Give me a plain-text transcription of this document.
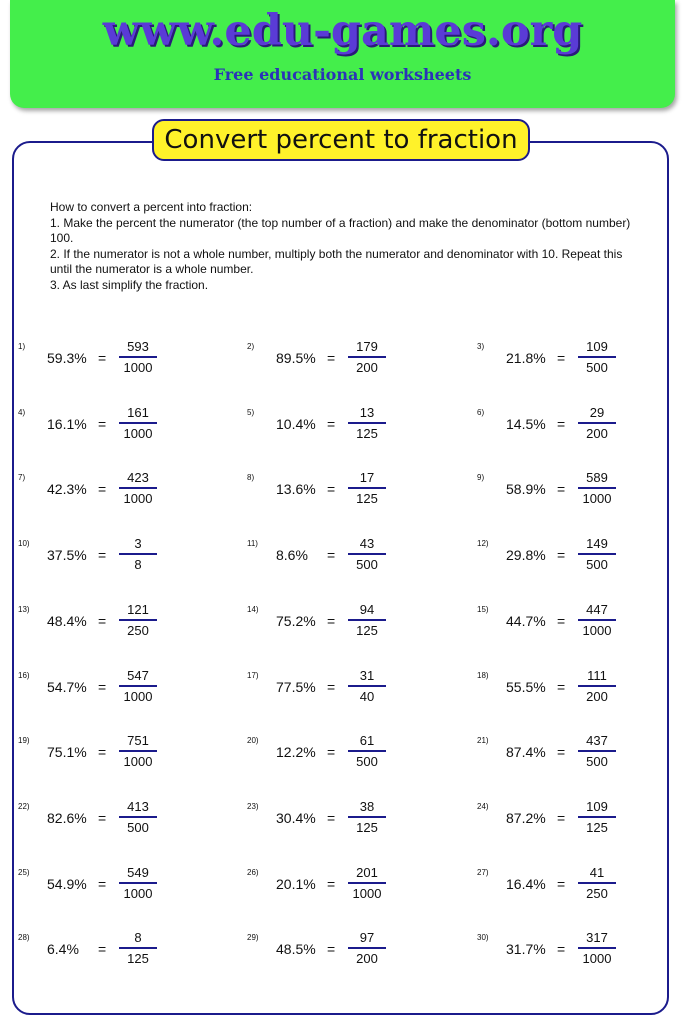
www.edu-games.org
Free educational worksheets
Convert percent to fraction
How to convert a percent into fraction:
1. Make the percent the numerator (the top number of a fraction) and make the denominator (bottom number) 100.
2. If the numerator is not a whole number, multiply both the numerator and denominator with 10. Repeat this until the numerator is a whole number.
3. As last simplify the fraction.
1)
59.3% =
593
1000
2)
89.5% =
179
200
3)
21.8% =
109
500
4)
16.1% =
161
1000
5)
10.4% =
13
125
6)
14.5% =
29
200
7)
42.3% =
423
1000
8)
13.6% =
17
125
9)
58.9% =
589
1000
10)
37.5% =
3
8
11)
8.6% =
43
500
12)
29.8% =
149
500
13)
48.4% =
121
250
14)
75.2% =
94
125
15)
44.7% =
447
1000
16)
54.7% =
547
1000
17)
77.5% =
31
40
18)
55.5% =
111
200
19)
75.1% =
751
1000
20)
12.2% =
61
500
21)
87.4% =
437
500
22)
82.6% =
413
500
23)
30.4% =
38
125
24)
87.2% =
109
125
25)
54.9% =
549
1000
26)
20.1% =
201
1000
27)
16.4% =
41
250
28)
6.4% =
8
125
29)
48.5% =
97
200
30)
31.7% =
317
1000
